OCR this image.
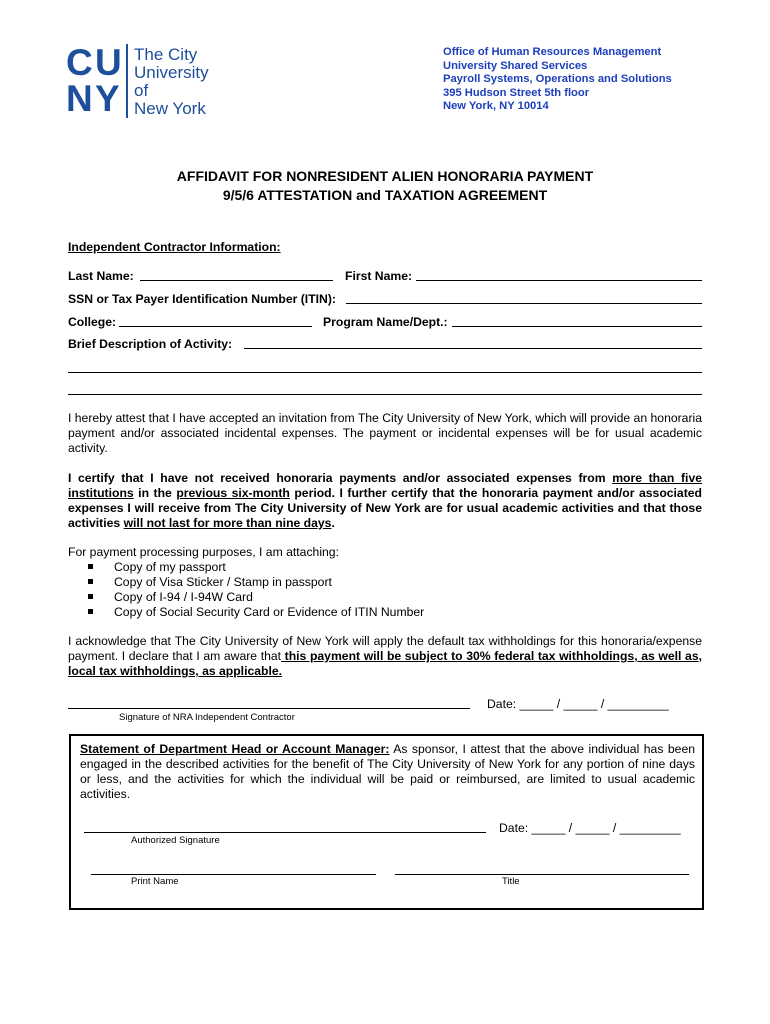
C U
N Y
The City
University
of
New York
Office of Human Resources Management
University Shared Services
Payroll Systems, Operations and Solutions
395 Hudson Street 5th floor
New York, NY 10014
AFFIDAVIT FOR NONRESIDENT ALIEN HONORARIA PAYMENT
9/5/6 ATTESTATION and TAXATION AGREEMENT
Independent Contractor Information:
Last Name:	First Name:
SSN or Tax Payer Identification Number (ITIN):
College:	Program Name/Dept.:
Brief Description of Activity:
I hereby attest that I have accepted an invitation from The City University of New York, which will provide an honoraria payment and/or associated incidental expenses. The payment or incidental expenses will be for usual academic activity.
I certify that I have not received honoraria payments and/or associated expenses from more than five institutions in the previous six-month period. I further certify that the honoraria payment and/or associated expenses I will receive from The City University of New York are for usual academic activities and that those activities will not last for more than nine days.
For payment processing purposes, I am attaching:
Copy of my passport
Copy of Visa Sticker / Stamp in passport
Copy of I-94 / I-94W Card
Copy of Social Security Card or Evidence of ITIN Number
I acknowledge that The City University of New York will apply the default tax withholdings for this honoraria/expense payment. I declare that I am aware that this payment will be subject to 30% federal tax withholdings, as well as, local tax withholdings, as applicable.
Date: _____ / _____ / _________
Signature of NRA Independent Contractor
Statement of Department Head or Account Manager: As sponsor, I attest that the above individual has been engaged in the described activities for the benefit of The City University of New York for any portion of nine days or less, and the activities for which the individual will be paid or reimbursed, are limited to usual academic activities.
Date: _____ / _____ / _________
Authorized Signature
Print Name	Title
